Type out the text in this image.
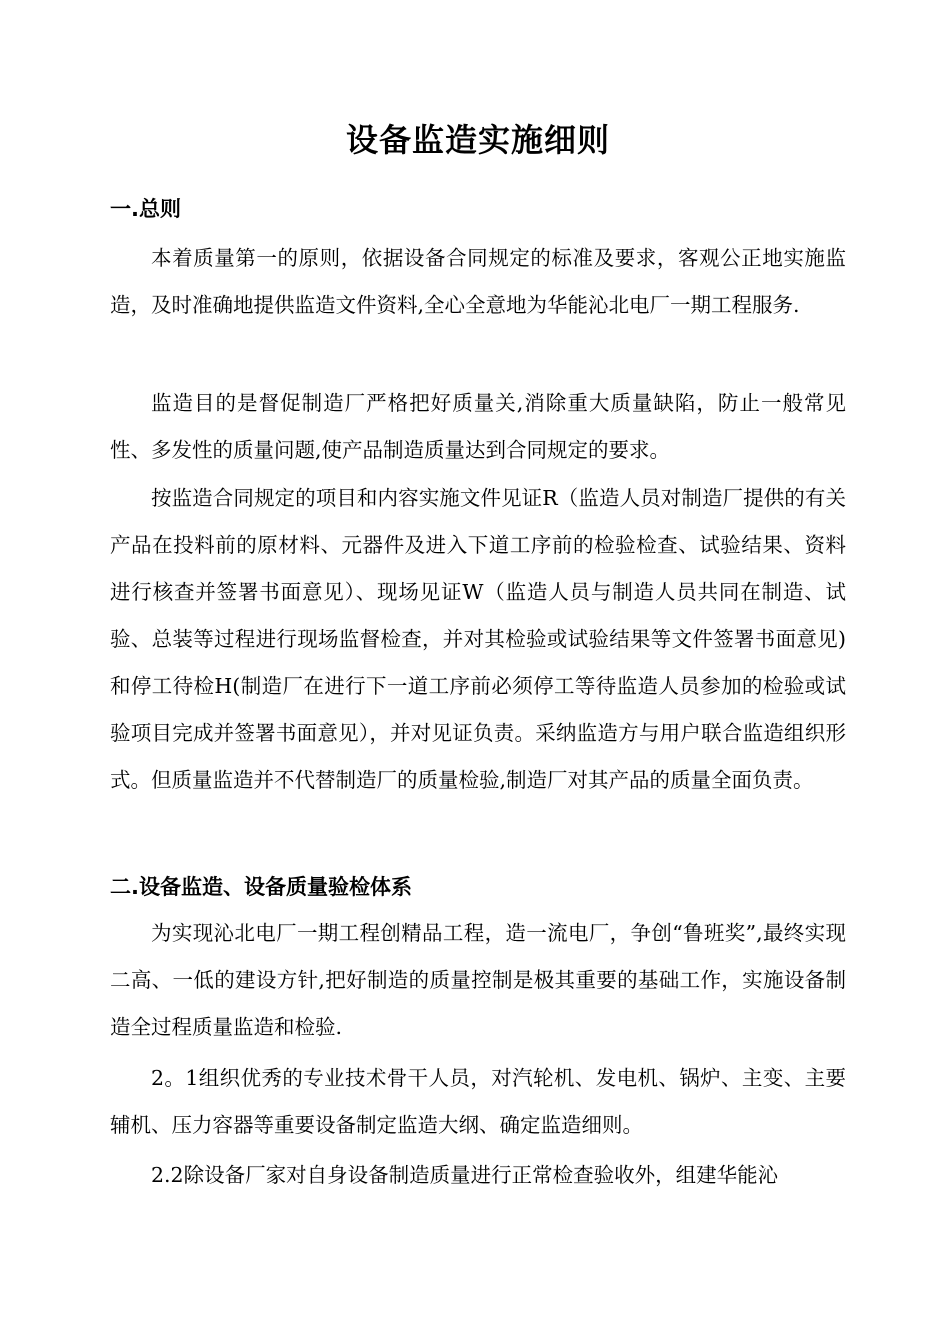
设备监造实施细则
一.总则

本着质量第一的原则，依据设备合同规定的标准及要求，客观公正地实施监造，及时准确地提供监造文件资料,全心全意地为华能沁北电厂一期工程服务.

监造目的是督促制造厂严格把好质量关,消除重大质量缺陷，防止一般常见性、多发性的质量问题,使产品制造质量达到合同规定的要求。

按监造合同规定的项目和内容实施文件见证R（监造人员对制造厂提供的有关产品在投料前的原材料、元器件及进入下道工序前的检验检查、试验结果、资料进行核查并签署书面意见）、现场见证W（监造人员与制造人员共同在制造、试验、总装等过程进行现场监督检查，并对其检验或试验结果等文件签署书面意见)和停工待检H(制造厂在进行下一道工序前必须停工等待监造人员参加的检验或试验项目完成并签署书面意见），并对见证负责。采纳监造方与用户联合监造组织形式。但质量监造并不代替制造厂的质量检验,制造厂对其产品的质量全面负责。

二.设备监造、设备质量验检体系

为实现沁北电厂一期工程创精品工程，造一流电厂，争创“鲁班奖”,最终实现二高、一低的建设方针,把好制造的质量控制是极其重要的基础工作，实施设备制造全过程质量监造和检验.

2。1组织优秀的专业技术骨干人员，对汽轮机、发电机、锅炉、主变、主要辅机、压力容器等重要设备制定监造大纲、确定监造细则。

2.2除设备厂家对自身设备制造质量进行正常检查验收外，组建华能沁
